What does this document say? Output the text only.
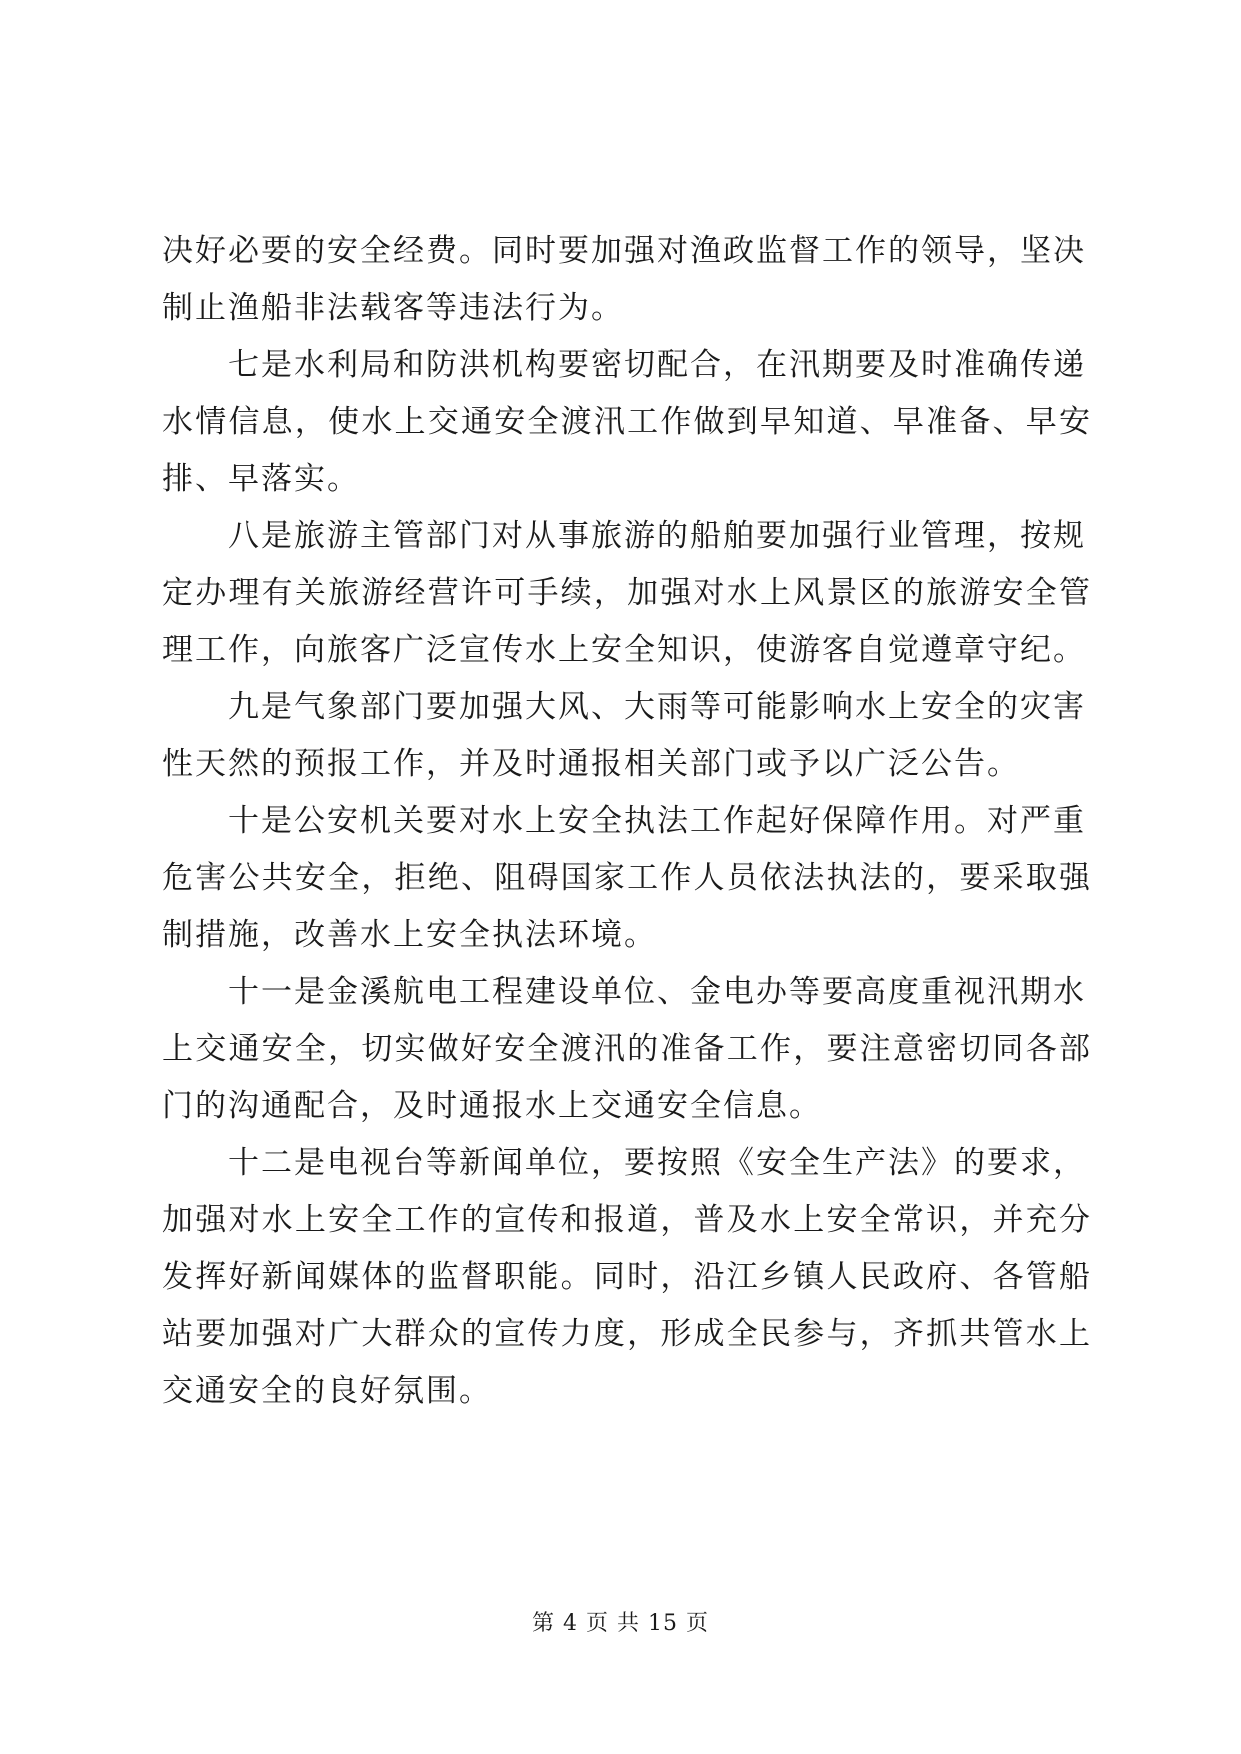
决好必要的安全经费。同时要加强对渔政监督工作的领导，坚决
制止渔船非法载客等违法行为。

　　七是水利局和防洪机构要密切配合，在汛期要及时准确传递
水情信息，使水上交通安全渡汛工作做到早知道、早准备、早安排、早落实。

　　八是旅游主管部门对从事旅游的船舶要加强行业管理，按规
定办理有关旅游经营许可手续，加强对水上风景区的旅游安全管理工作，向旅客广泛宣传水上安全知识，使游客自觉遵章守纪。

　　九是气象部门要加强大风、大雨等可能影响水上安全的灾害
性天然的预报工作，并及时通报相关部门或予以广泛公告。

　　十是公安机关要对水上安全执法工作起好保障作用。对严重
危害公共安全，拒绝、阻碍国家工作人员依法执法的，要采取强制措施，改善水上安全执法环境。

　　十一是金溪航电工程建设单位、金电办等要高度重视汛期水
上交通安全，切实做好安全渡汛的准备工作，要注意密切同各部门的沟通配合，及时通报水上交通安全信息。

　　十二是电视台等新闻单位，要按照《安全生产法》的要求，
加强对水上安全工作的宣传和报道，普及水上安全常识，并充分发挥好新闻媒体的监督职能。同时，沿江乡镇人民政府、各管船站要加强对广大群众的宣传力度，形成全民参与，齐抓共管水上交通安全的良好氛围。

第 4 页 共 15 页
